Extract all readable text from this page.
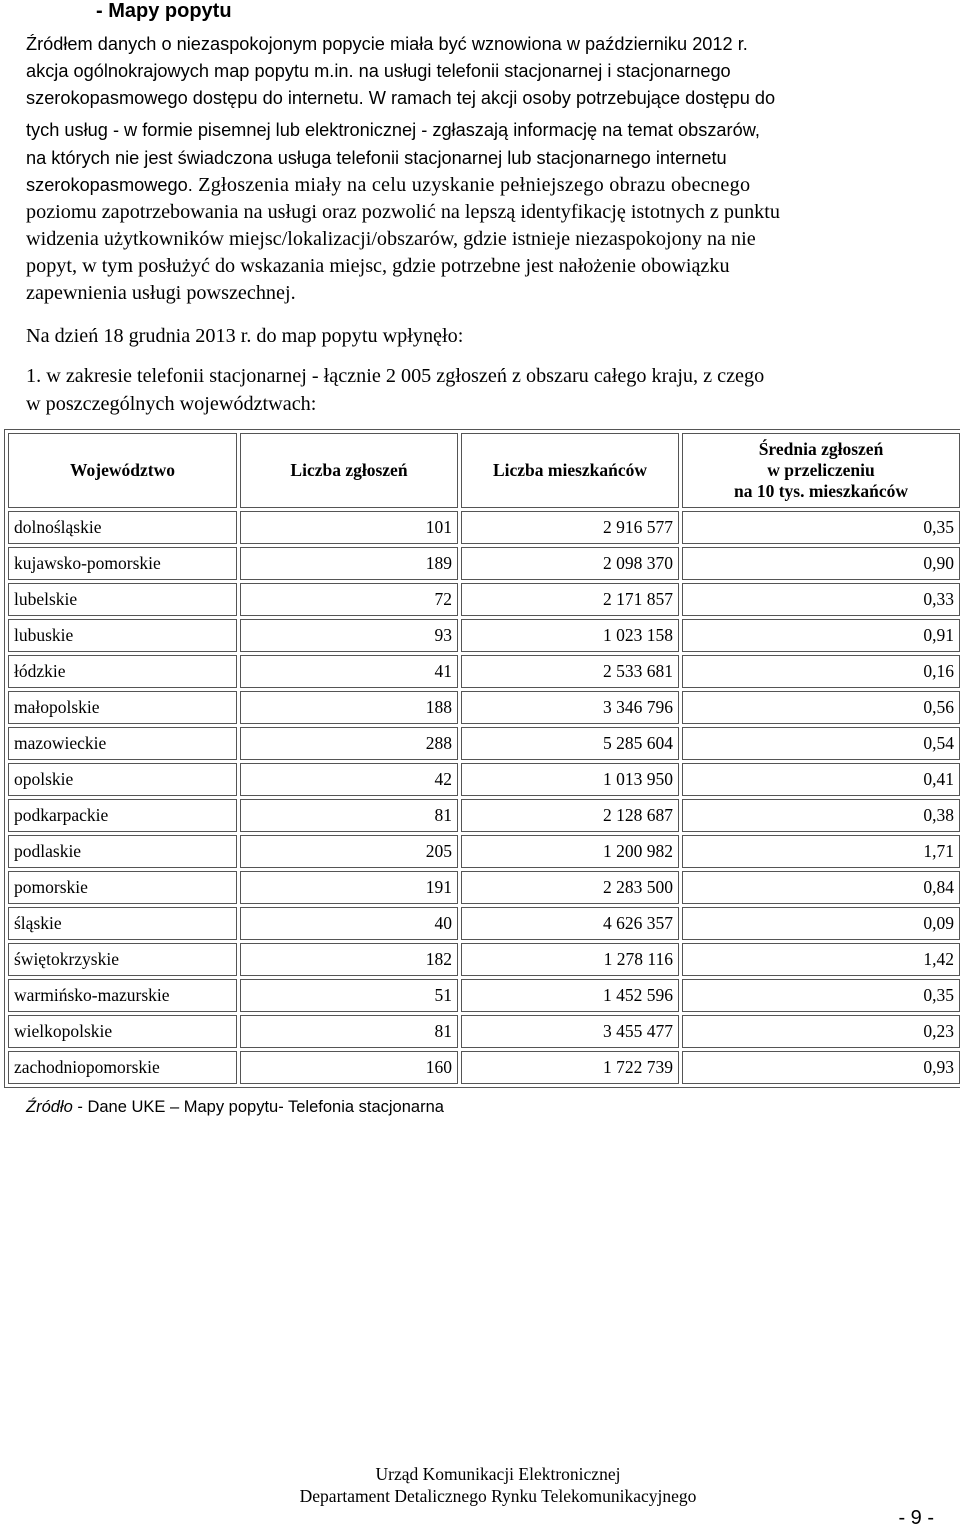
- Mapy popytu
Źródłem danych o niezaspokojonym popycie miała być wznowiona w październiku 2012 r.
akcja ogólnokrajowych map popytu m.in. na usługi telefonii stacjonarnej i stacjonarnego
szerokopasmowego dostępu do internetu. W ramach tej akcji osoby potrzebujące dostępu do
tych usług - w formie pisemnej lub elektronicznej - zgłaszają informację na temat obszarów,
na których nie jest świadczona usługa telefonii stacjonarnej lub stacjonarnego internetu
szerokopasmowego. Zgłoszenia miały na celu uzyskanie pełniejszego obrazu obecnego
poziomu zapotrzebowania na usługi oraz pozwolić na lepszą identyfikację istotnych z punktu
widzenia użytkowników miejsc/lokalizacji/obszarów, gdzie istnieje niezaspokojony na nie
popyt, w tym posłużyć do wskazania miejsc, gdzie potrzebne jest nałożenie obowiązku
zapewnienia usługi powszechnej.
Na dzień 18 grudnia 2013 r. do map popytu wpłynęło:
1. w zakresie telefonii stacjonarnej - łącznie 2 005 zgłoszeń z obszaru całego kraju, z czego
w poszczególnych województwach:
Województwo	Liczba zgłoszeń	Liczba mieszkańców	Średnia zgłoszeń
w przeliczeniu
na 10 tys. mieszkańców

dolnośląskie	101	2 916 577	0,35
kujawsko-pomorskie	189	2 098 370	0,90
lubelskie	72	2 171 857	0,33
lubuskie	93	1 023 158	0,91
łódzkie	41	2 533 681	0,16
małopolskie	188	3 346 796	0,56
mazowieckie	288	5 285 604	0,54
opolskie	42	1 013 950	0,41
podkarpackie	81	2 128 687	0,38
podlaskie	205	1 200 982	1,71
pomorskie	191	2 283 500	0,84
śląskie	40	4 626 357	0,09
świętokrzyskie	182	1 278 116	1,42
warmińsko-mazurskie	51	1 452 596	0,35
wielkopolskie	81	3 455 477	0,23
zachodniopomorskie	160	1 722 739	0,93
Źródło - Dane UKE – Mapy popytu- Telefonia stacjonarna
Urząd Komunikacji Elektronicznej
Departament Detalicznego Rynku Telekomunikacyjnego
- 9 -
